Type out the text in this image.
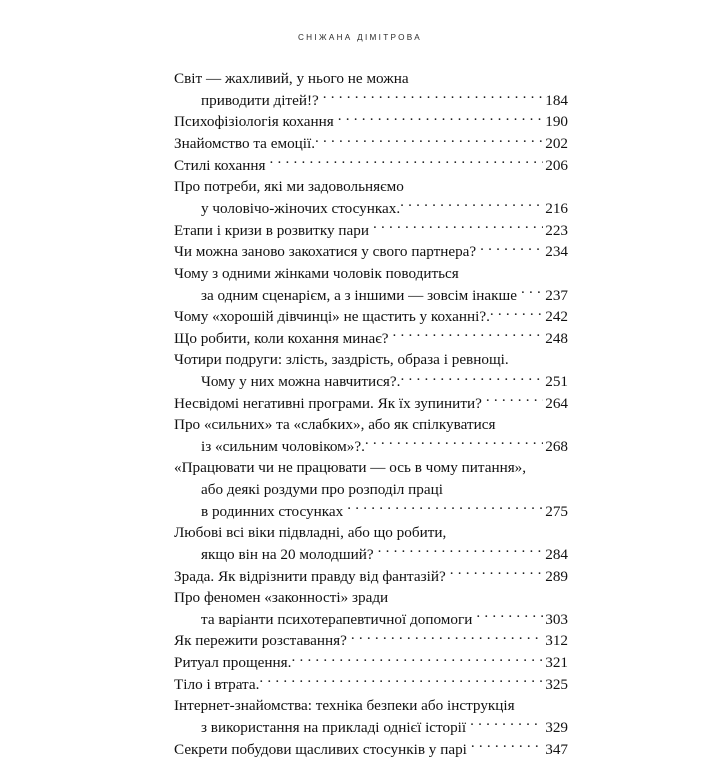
СНІЖАНА ДІМІТРОВА
Світ — жахливий, у нього не можна
приводити дітей!? . . .	184
Психофізіологія кохання . . .	190
Знайомство та емоції. . . .	202
Стилі кохання . . .	206
Про потреби, які ми задовольняємо
у чоловічо-жіночих стосунках. . . .	216
Етапи і кризи в розвитку пари . . .	223
Чи можна заново закохатися у свого партнера? . . .	234
Чому з одними жінками чоловік поводиться
за одним сценарієм, а з іншими — зовсім інакше . . . 237
Чому «хорошій дівчинці» не щастить у коханні?. . . .	242
Що робити, коли кохання минає? . . .	248
Чотири подруги: злість, заздрість, образа і ревнощі.
Чому у них можна навчитися?. . . .	251
Несвідомі негативні програми. Як їх зупинити? . . .	264
Про «сильних» та «слабких», або як спілкуватися
із «сильним чоловіком»?. . . .	268
«Працювати чи не працювати — ось в чому питання»,
або деякі роздуми про розподіл праці
в родинних стосунках . . .	275
Любові всі віки підвладні, або що робити,
якщо він на 20 молодший? . . .	284
Зрада. Як відрізнити правду від фантазій? . . .	289
Про феномен «законності» зради
та варіанти психотерапевтичної допомоги . . .	303
Як пережити розставання? . . .	312
Ритуал прощення. . . .	321
Тіло і втрата. . . .	325
Інтернет-знайомства: техніка безпеки або інструкція
з використання на прикладі однієї історії . . .	329
Секрети побудови щасливих стосунків у парі . . .	347
